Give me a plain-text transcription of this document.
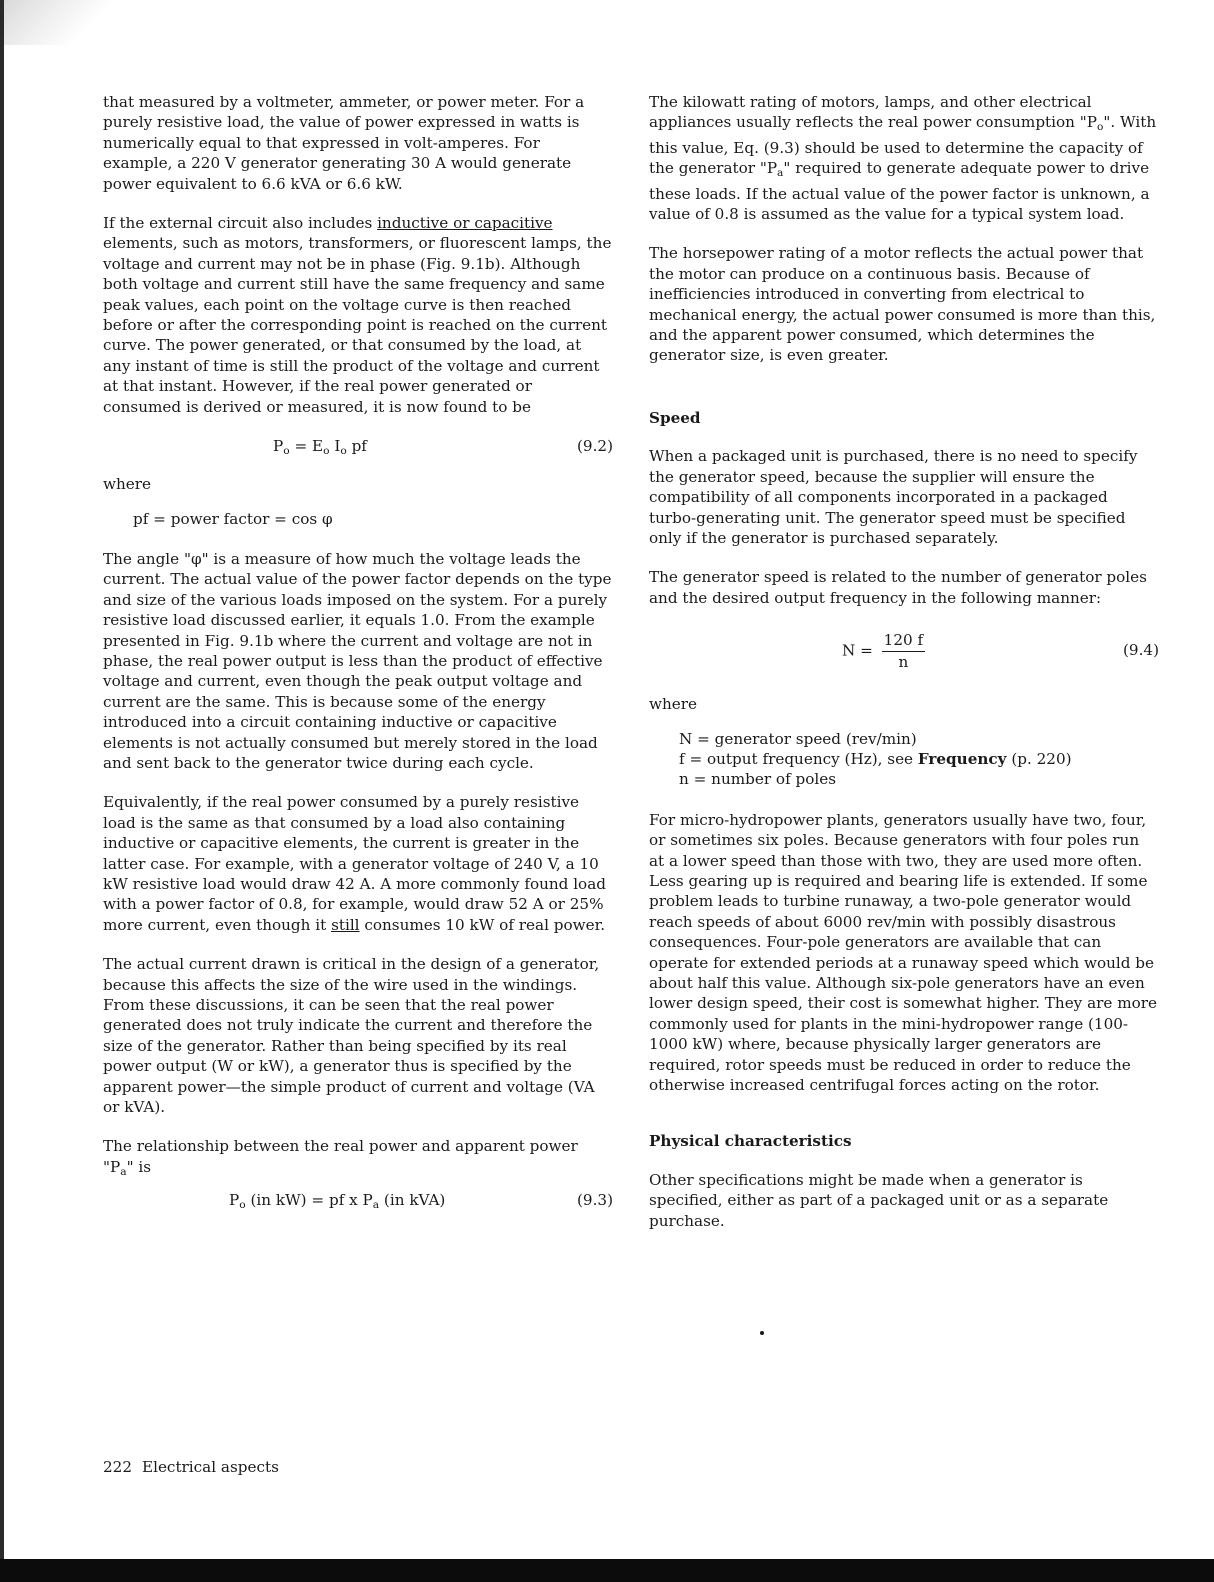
that measured by a voltmeter, ammeter, or power meter. For a purely resistive load, the value of power expressed in watts is numerically equal to that expressed in volt-amperes. For example, a 220 V generator generating 30 A would generate power equivalent to 6.6 kVA or 6.6 kW.

If the external circuit also includes inductive or capacitive elements, such as motors, transformers, or fluorescent lamps, the voltage and current may not be in phase (Fig. 9.1b). Although both voltage and current still have the same frequency and same peak values, each point on the voltage curve is then reached before or after the corresponding point is reached on the current curve. The power generated, or that consumed by the load, at any instant of time is still the product of the voltage and current at that instant. However, if the real power generated or consumed is derived or measured, it is now found to be

$P_o = E_o$ $I_o$ pf	(9.2)

where

pf = power factor = cos φ

The angle "φ" is a measure of how much the voltage leads the current. The actual value of the power factor depends on the type and size of the various loads imposed on the system. For a purely resistive load discussed earlier, it equals 1.0. From the example presented in Fig. 9.1b where the current and voltage are not in phase, the real power output is less than the product of effective voltage and current, even though the peak output voltage and current are the same. This is because some of the energy introduced into a circuit containing inductive or capacitive elements is not actually consumed but merely stored in the load and sent back to the generator twice during each cycle.

Equivalently, if the real power consumed by a purely resistive load is the same as that consumed by a load also containing inductive or capacitive elements, the current is greater in the latter case. For example, with a generator voltage of 240 V, a 10 kW resistive load would draw 42 A. A more commonly found load with a power factor of 0.8, for example, would draw 52 A or 25% more current, even though it still consumes 10 kW of real power.

The actual current drawn is critical in the design of a generator, because this affects the size of the wire used in the windings. From these discussions, it can be seen that the real power generated does not truly indicate the current and therefore the size of the generator. Rather than being specified by its real power output (W or kW), a generator thus is specified by the apparent power—the simple product of current and voltage (VA or kVA).

The relationship between the real power and apparent power "$P_a$" is

$P_o$ (in kW) = pf x $P_a$ (in kVA)	(9.3)

The kilowatt rating of motors, lamps, and other electrical appliances usually reflects the real power consumption "$P_o$". With this value, Eq. (9.3) should be used to determine the capacity of the generator "$P_a$" required to generate adequate power to drive these loads. If the actual value of the power factor is unknown, a value of 0.8 is assumed as the value for a typical system load.

The horsepower rating of a motor reflects the actual power that the motor can produce on a continuous basis. Because of inefficiencies introduced in converting from electrical to mechanical energy, the actual power consumed is more than this, and the apparent power consumed, which determines the generator size, is even greater.

Speed

When a packaged unit is purchased, there is no need to specify the generator speed, because the supplier will ensure the compatibility of all components incorporated in a packaged turbo-generating unit. The generator speed must be specified only if the generator is purchased separately.

The generator speed is related to the number of generator poles and the desired output frequency in the following manner:

$N = \frac{120 f}{n}$	(9.4)

where

N = generator speed (rev/min)

f = output frequency (Hz), see Frequency (p. 220)

n = number of poles

For micro-hydropower plants, generators usually have two, four, or sometimes six poles. Because generators with four poles run at a lower speed than those with two, they are used more often. Less gearing up is required and bearing life is extended. If some problem leads to turbine runaway, a two-pole generator would reach speeds of about 6000 rev/min with possibly disastrous consequences. Four-pole generators are available that can operate for extended periods at a runaway speed which would be about half this value. Although six-pole generators have an even lower design speed, their cost is somewhat higher. They are more commonly used for plants in the mini-hydropower range (100-1000 kW) where, because physically larger generators are required, rotor speeds must be reduced in order to reduce the otherwise increased centrifugal forces acting on the rotor.

Physical characteristics

Other specifications might be made when a generator is specified, either as part of a packaged unit or as a separate purchase.

222 Electrical aspects
